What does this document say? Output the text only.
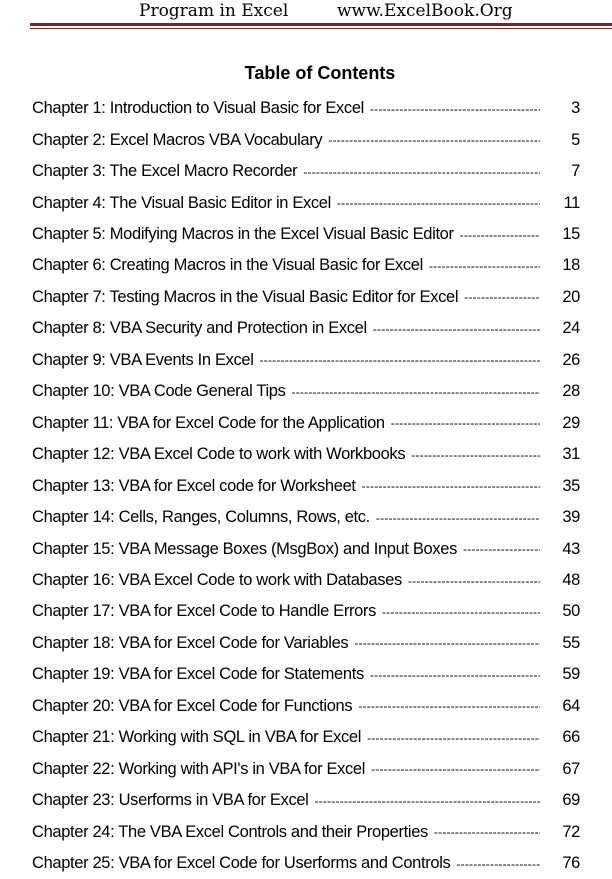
Program in Excel	www.ExcelBook.Org
Table of Contents
Chapter 1: Introduction to Visual Basic for Excel -----	3
Chapter 2: Excel Macros VBA Vocabulary -----	5
Chapter 3: The Excel Macro Recorder -----	7
Chapter 4: The Visual Basic Editor in Excel -----	11
Chapter 5: Modifying Macros in the Excel Visual Basic Editor -----	15
Chapter 6: Creating Macros in the Visual Basic for Excel -----	18
Chapter 7: Testing Macros in the Visual Basic Editor for Excel -----	20
Chapter 8: VBA Security and Protection in Excel -----	24
Chapter 9: VBA Events In Excel -----	26
Chapter 10: VBA Code General Tips -----	28
Chapter 11: VBA for Excel Code for the Application -----	29
Chapter 12: VBA Excel Code to work with Workbooks -----	31
Chapter 13: VBA for Excel code for Worksheet -----	35
Chapter 14: Cells, Ranges, Columns, Rows, etc. -----	39
Chapter 15: VBA Message Boxes (MsgBox) and Input Boxes -----	43
Chapter 16: VBA Excel Code to work with Databases -----	48
Chapter 17: VBA for Excel Code to Handle Errors -----	50
Chapter 18: VBA for Excel Code for Variables -----	55
Chapter 19: VBA for Excel Code for Statements -----	59
Chapter 20: VBA for Excel Code for Functions -----	64
Chapter 21: Working with SQL in VBA for Excel -----	66
Chapter 22: Working with API's in VBA for Excel -----	67
Chapter 23: Userforms in VBA for Excel -----	69
Chapter 24: The VBA Excel Controls and their Properties -----	72
Chapter 25: VBA for Excel Code for Userforms and Controls -----	76
